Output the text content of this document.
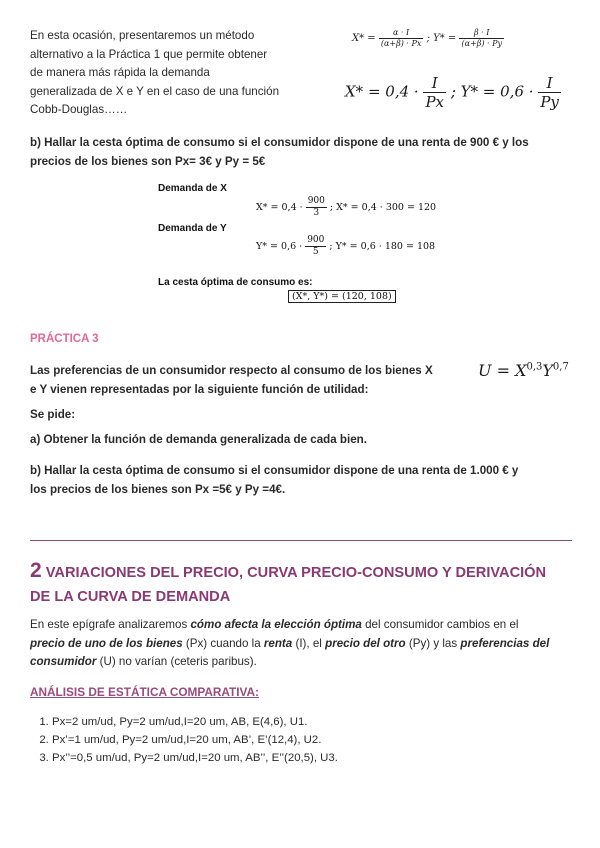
En esta ocasión, presentaremos un método
alternativo a la Práctica 1 que permite obtener
de manera más rápida la demanda
generalizada de X e Y en el caso de una función
Cobb-Douglas……
$X* = \frac{\alpha \cdot I}{(\alpha+\beta) \cdot Px}$ ; $Y* = \frac{\beta \cdot I}{(\alpha+\beta) \cdot Py}$
$X* = 0,4 \cdot \frac{I}{Px}$ ; $Y* = 0,6 \cdot \frac{I}{Py}$
b) Hallar la cesta óptima de consumo si el consumidor dispone de una renta de 900 € y los
precios de los bienes son Px= 3€ y Py = 5€
Demanda de X
$X* = 0,4 \cdot \frac{900}{3}$ ; X* = 0,4 · 300 = 120
Demanda de Y
$Y* = 0,6 \cdot \frac{900}{5}$ ; Y* = 0,6 · 180 = 108
La cesta óptima de consumo es:
(X*, Y*) = (120, 108)
PRÁCTICA 3
Las preferencias de un consumidor respecto al consumo de los bienes X
e Y vienen representadas por la siguiente función de utilidad:
$U = X^{0,3}Y^{0,7}$
Se pide:
a) Obtener la función de demanda generalizada de cada bien.
b) Hallar la cesta óptima de consumo si el consumidor dispone de una renta de 1.000 € y
los precios de los bienes son Px =5€ y Py =4€.
2 VARIACIONES DEL PRECIO, CURVA PRECIO-CONSUMO Y DERIVACIÓN
DE LA CURVA DE DEMANDA
En este epígrafe analizaremos cómo afecta la elección óptima del consumidor cambios en el
precio de uno de los bienes (Px) cuando la renta (I), el precio del otro (Py) y las preferencias del
consumidor (U) no varían (ceteris paribus).
ANÁLISIS DE ESTÁTICA COMPARATIVA:
1. Px=2 um/ud, Py=2 um/ud,I=20 um, AB, E(4,6), U1.
2. Px’=1 um/ud, Py=2 um/ud,I=20 um, AB’, E’(12,4), U2.
3. Px’’=0,5 um/ud, Py=2 um/ud,I=20 um, AB’’, E’’(20,5), U3.
